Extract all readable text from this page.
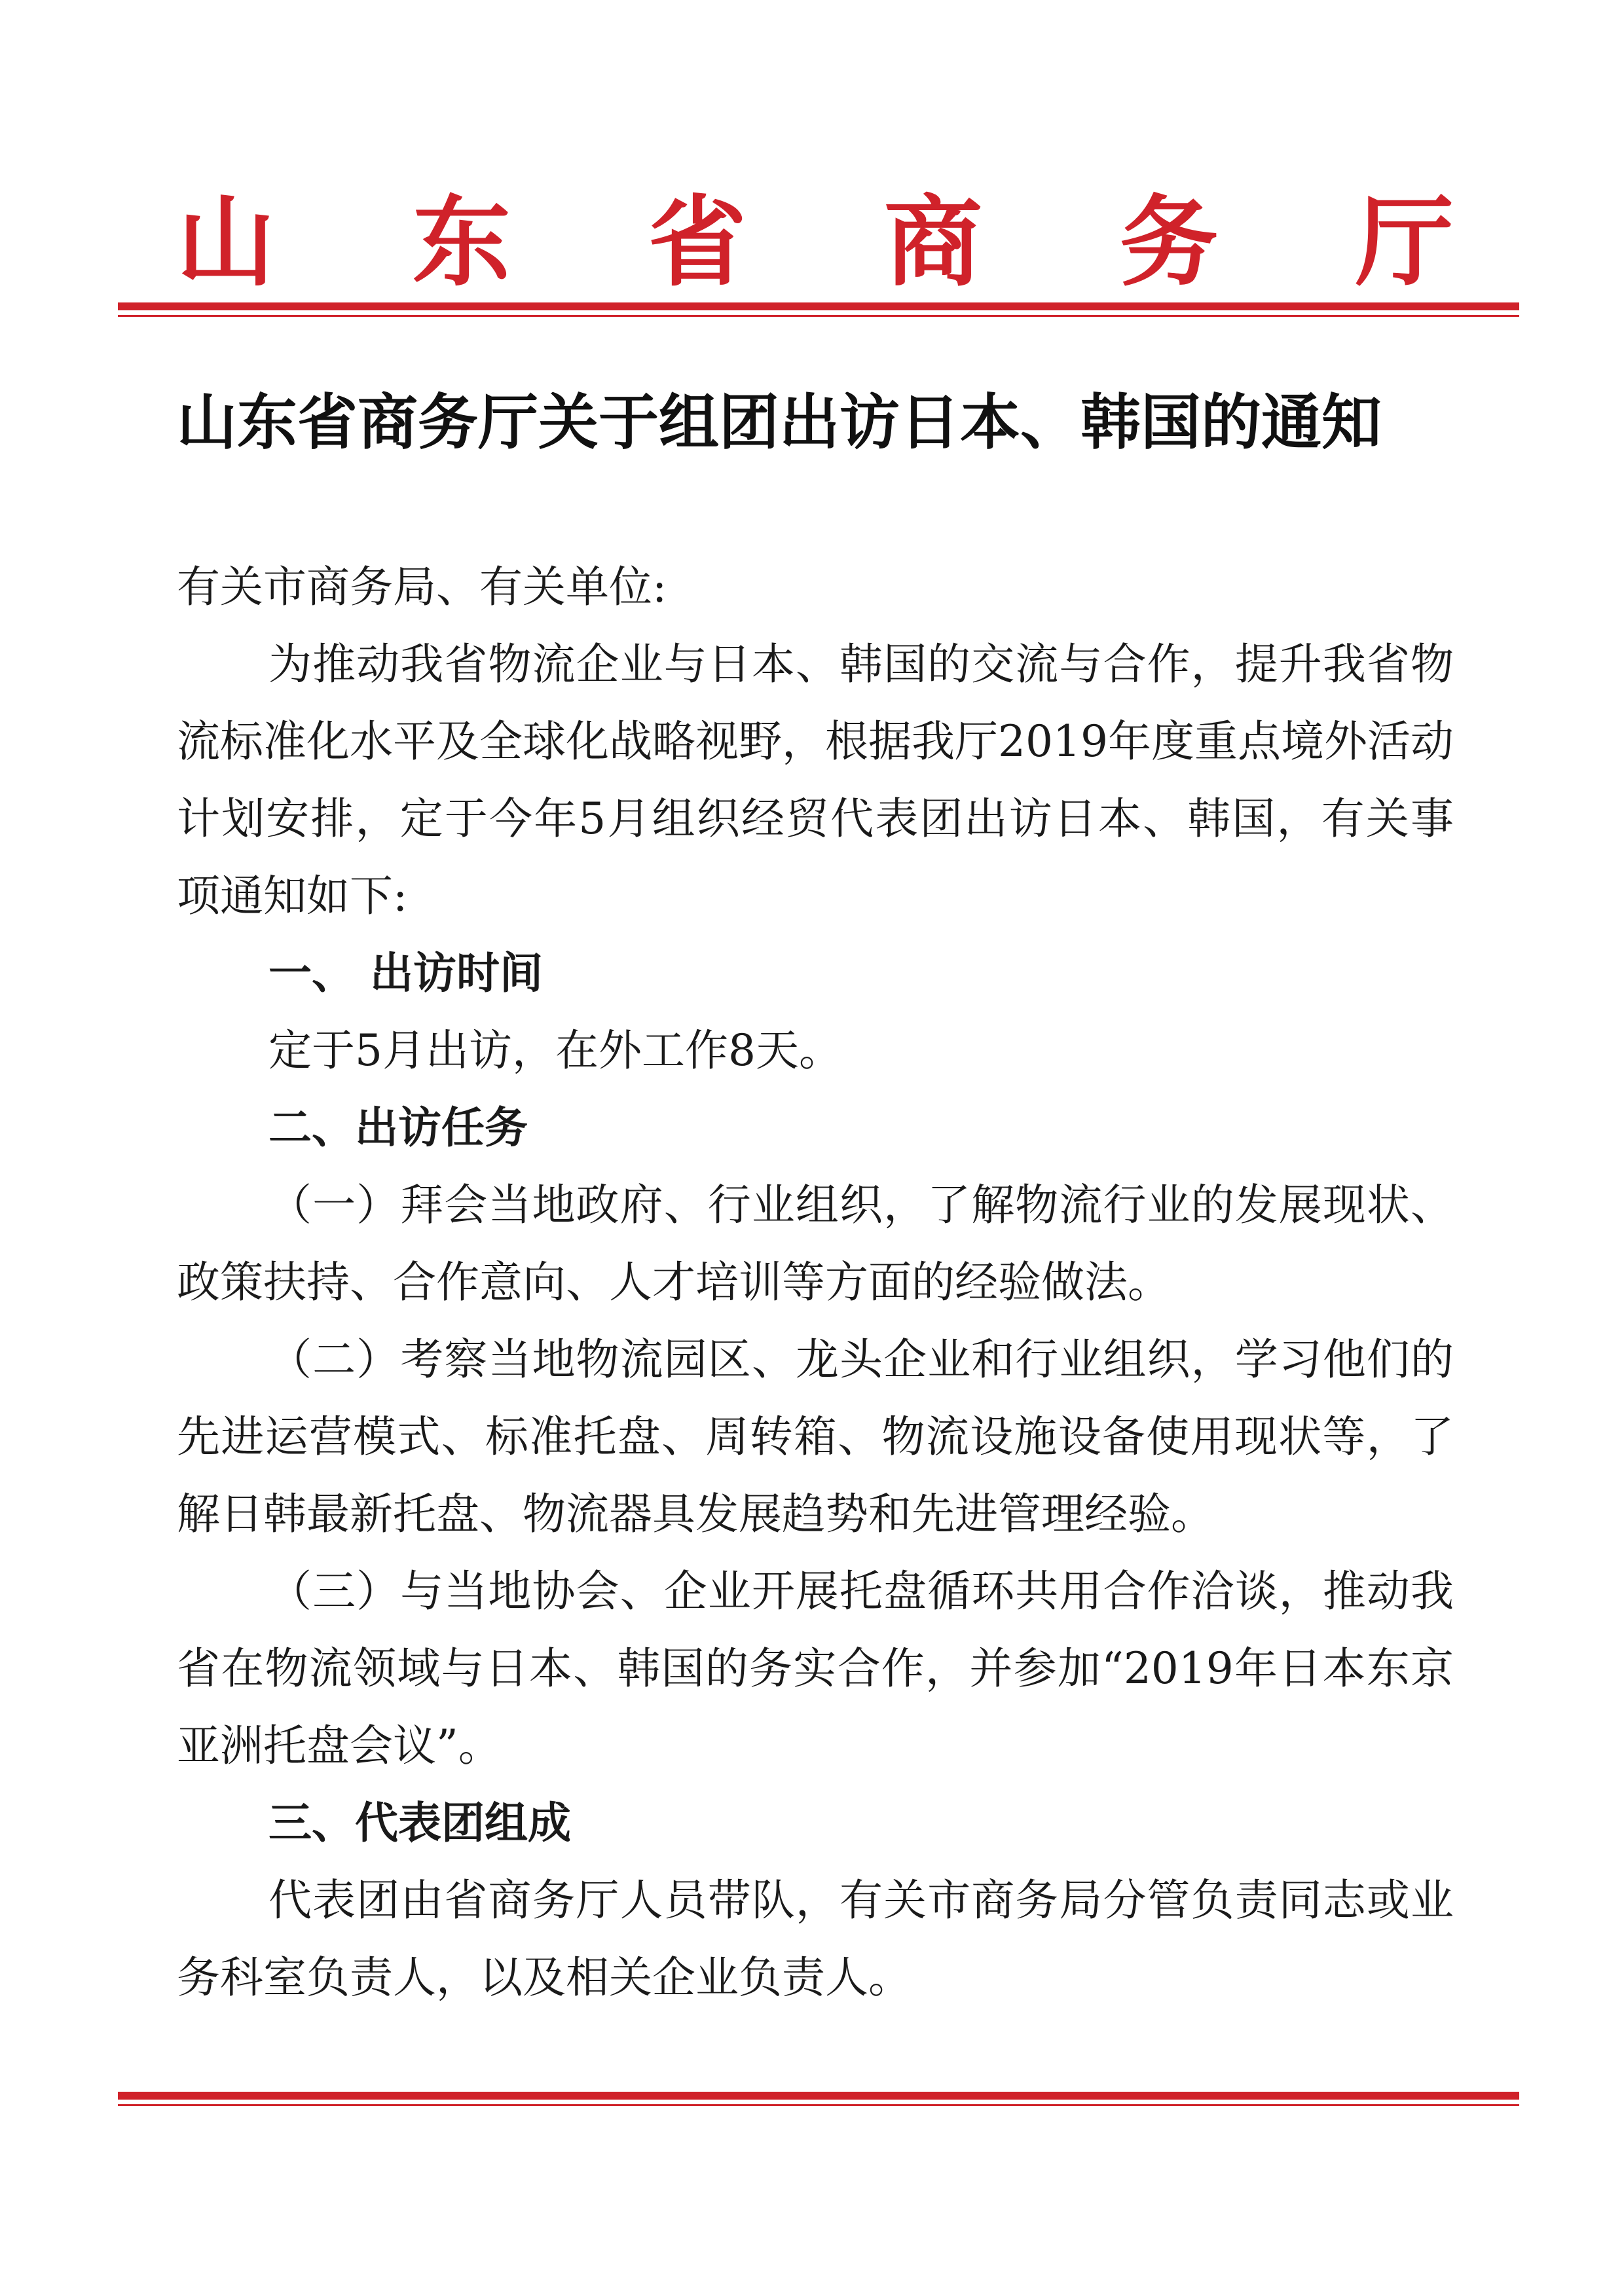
山 东 省 商 务 厅
山东省商务厅关于组团出访日本、韩国的通知

有关市商务局、有关单位:

为推动我省物流企业与日本、韩国的交流与合作，提升我省物流标准化水平及全球化战略视野，根据我厅2019年度重点境外活动计划安排，定于今年5月组织经贸代表团出访日本、韩国，有关事项通知如下:

一、 出访时间

定于5月出访，在外工作8天。

二、出访任务

（一）拜会当地政府、行业组织，了解物流行业的发展现状、政策扶持、合作意向、人才培训等方面的经验做法。

（二）考察当地物流园区、龙头企业和行业组织，学习他们的先进运营模式、标准托盘、周转箱、物流设施设备使用现状等，了解日韩最新托盘、物流器具发展趋势和先进管理经验。

（三）与当地协会、企业开展托盘循环共用合作洽谈，推动我省在物流领域与日本、韩国的务实合作，并参加“2019年日本东京亚洲托盘会议”。

三、代表团组成

代表团由省商务厅人员带队，有关市商务局分管负责同志或业务科室负责人，以及相关企业负责人。
